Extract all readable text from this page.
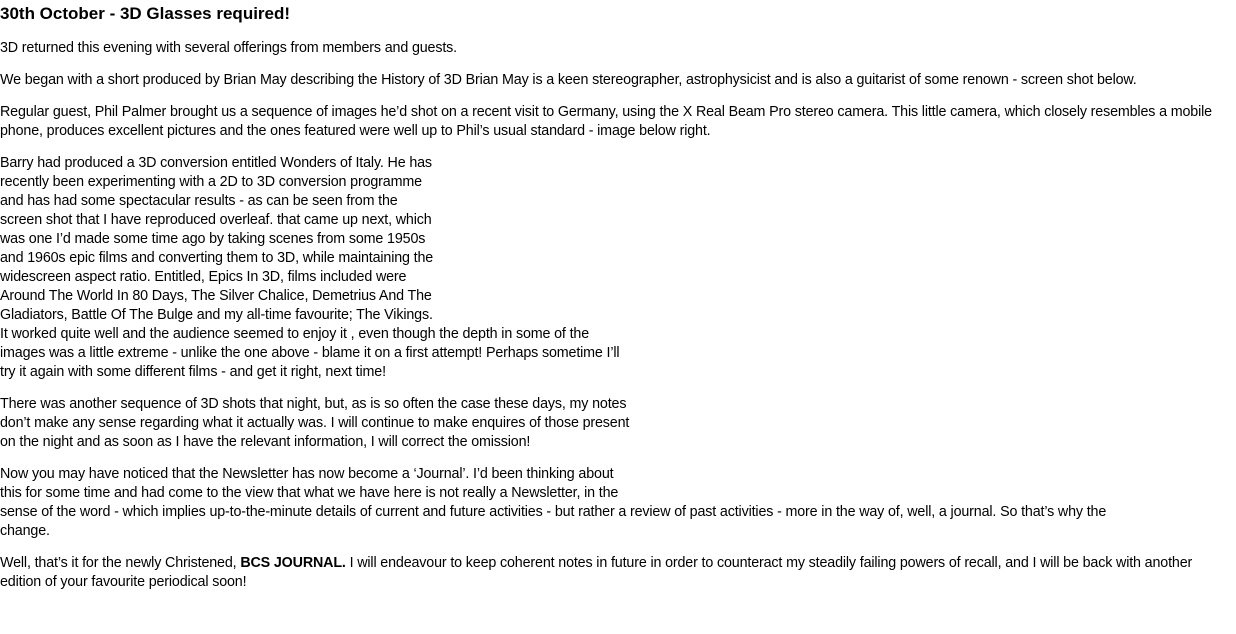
30th October - 3D Glasses required!

3D returned this evening with several offerings from members and guests.

We began with a short produced by Brian May describing the History of 3D Brian May is a keen stereographer, astrophysicist and is also a guitarist of some renown - screen shot below.

Regular guest, Phil Palmer brought us a sequence of images he’d shot on a recent visit to Germany, using the X Real Beam Pro stereo camera. This little camera, which closely resembles a mobile phone, produces excellent pictures and the ones featured were well up to Phil’s usual standard - image below right.

Barry had produced a 3D conversion entitled Wonders of Italy. He has
recently been experimenting with a 2D to 3D conversion programme
and has had some spectacular results - as can be seen from the
screen shot that I have reproduced overleaf. that came up next, which
was one I’d made some time ago by taking scenes from some 1950s
and 1960s epic films and converting them to 3D, while maintaining the
widescreen aspect ratio. Entitled, Epics In 3D, films included were
Around The World In 80 Days, The Silver Chalice, Demetrius And The
Gladiators, Battle Of The Bulge and my all-time favourite; The Vikings.
It worked quite well and the audience seemed to enjoy it , even though the depth in some of the
images was a little extreme - unlike the one above - blame it on a first attempt! Perhaps sometime I’ll
try it again with some different films - and get it right, next time!

There was another sequence of 3D shots that night, but, as is so often the case these days, my notes
don’t make any sense regarding what it actually was. I will continue to make enquires of those present
on the night and as soon as I have the relevant information, I will correct the omission!

Now you may have noticed that the Newsletter has now become a ‘Journal’. I’d been thinking about
this for some time and had come to the view that what we have here is not really a Newsletter, in the
sense of the word - which implies up-to-the-minute details of current and future activities - but rather a review of past activities - more in the way of, well, a journal. So that’s why the
change.

Well, that’s it for the newly Christened, BCS JOURNAL. I will endeavour to keep coherent notes in future in order to counteract my steadily failing powers of recall, and I will be back with another edition of your favourite periodical soon!
